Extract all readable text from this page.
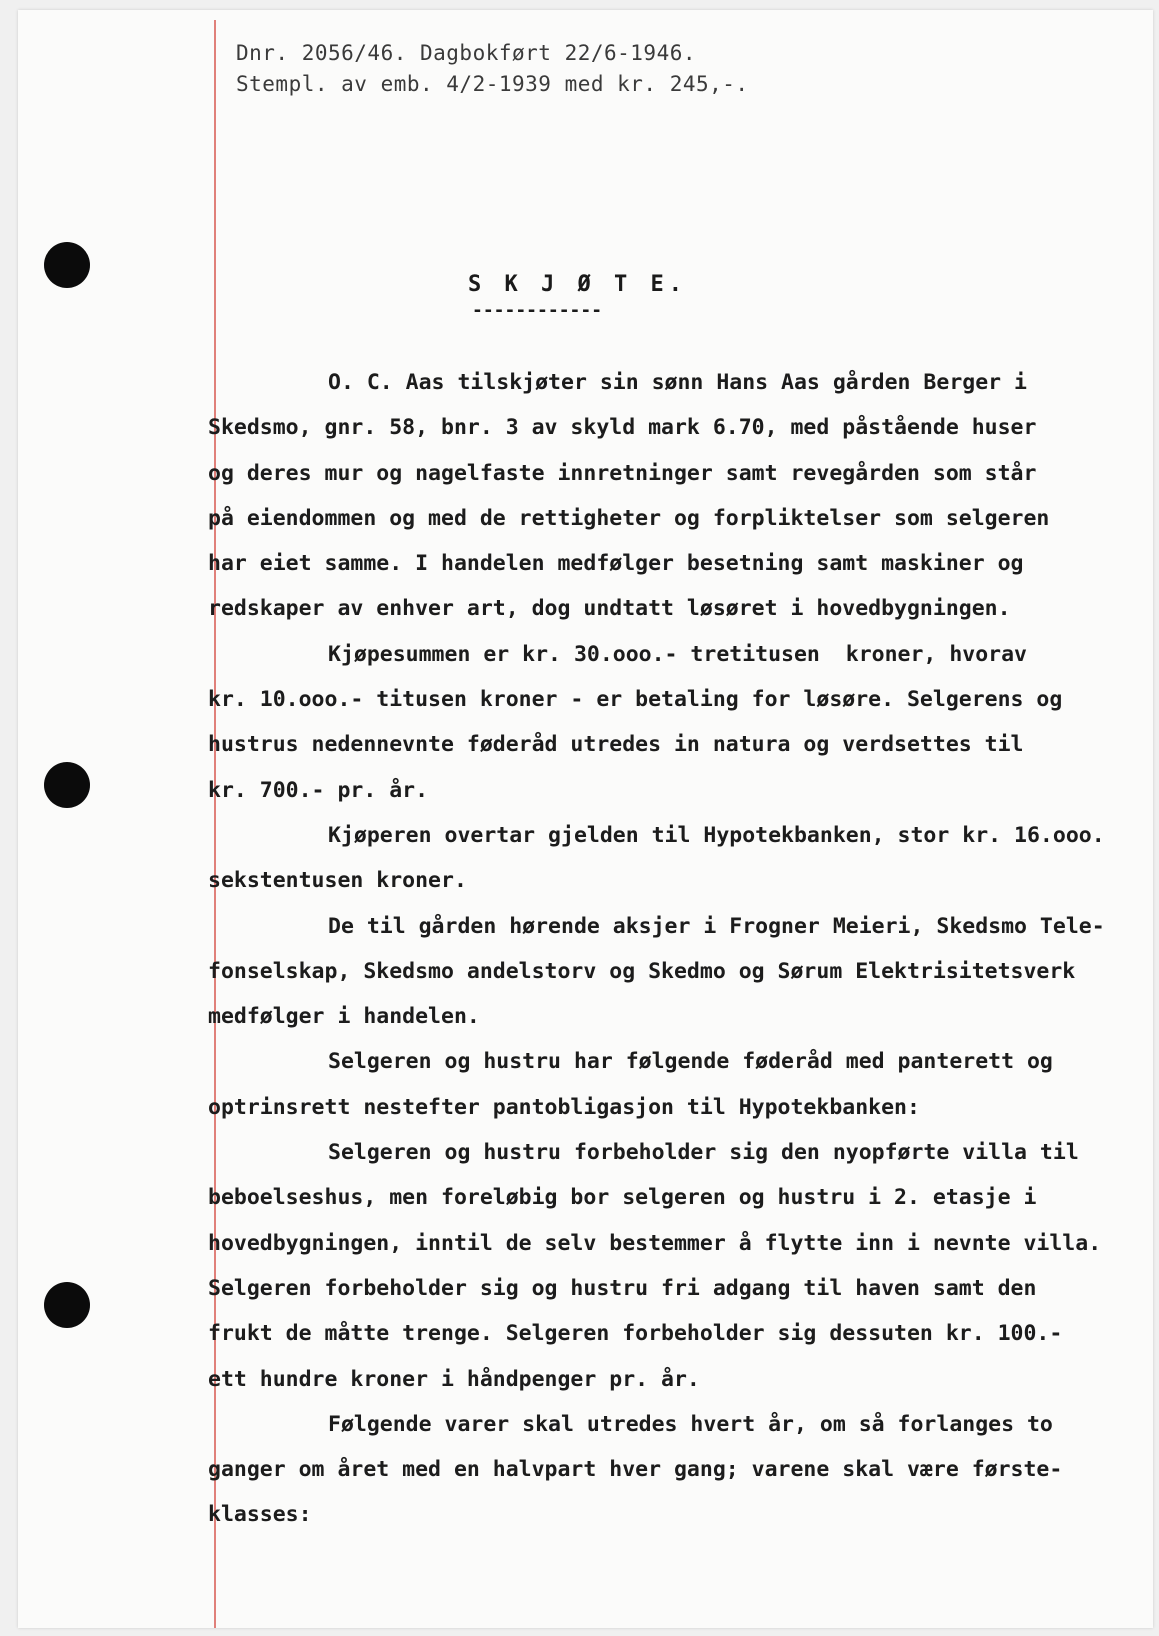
Dnr. 2056/46. Dagbokført 22/6-1946.
Stempl. av emb. 4/2-1939 med kr. 245,-.
S K J Ø T E.
------------
O. C. Aas tilskjøter sin sønn Hans Aas gården Berger i
Skedsmo, gnr. 58, bnr. 3 av skyld mark 6.70, med påstående huser
og deres mur og nagelfaste innretninger samt revegården som står
på eiendommen og med de rettigheter og forpliktelser som selgeren
har eiet samme. I handelen medfølger besetning samt maskiner og
redskaper av enhver art, dog undtatt løsøret i hovedbygningen.
Kjøpesummen er kr. 30.ooo.- tretitusen  kroner, hvorav
kr. 10.ooo.- titusen kroner - er betaling for løsøre. Selgerens og
hustrus nedennevnte føderåd utredes in natura og verdsettes til
kr. 700.- pr. år.
Kjøperen overtar gjelden til Hypotekbanken, stor kr. 16.ooo.
sekstentusen kroner.
De til gården hørende aksjer i Frogner Meieri, Skedsmo Tele-
fonselskap, Skedsmo andelstorv og Skedmo og Sørum Elektrisitetsverk
medfølger i handelen.
Selgeren og hustru har følgende føderåd med panterett og
optrinsrett nestefter pantobligasjon til Hypotekbanken:
Selgeren og hustru forbeholder sig den nyopførte villa til
beboelseshus, men foreløbig bor selgeren og hustru i 2. etasje i
hovedbygningen, inntil de selv bestemmer å flytte inn i nevnte villa.
Selgeren forbeholder sig og hustru fri adgang til haven samt den
frukt de måtte trenge. Selgeren forbeholder sig dessuten kr. 100.-
ett hundre kroner i håndpenger pr. år.
Følgende varer skal utredes hvert år, om så forlanges to
ganger om året med en halvpart hver gang; varene skal være første-
klasses:
